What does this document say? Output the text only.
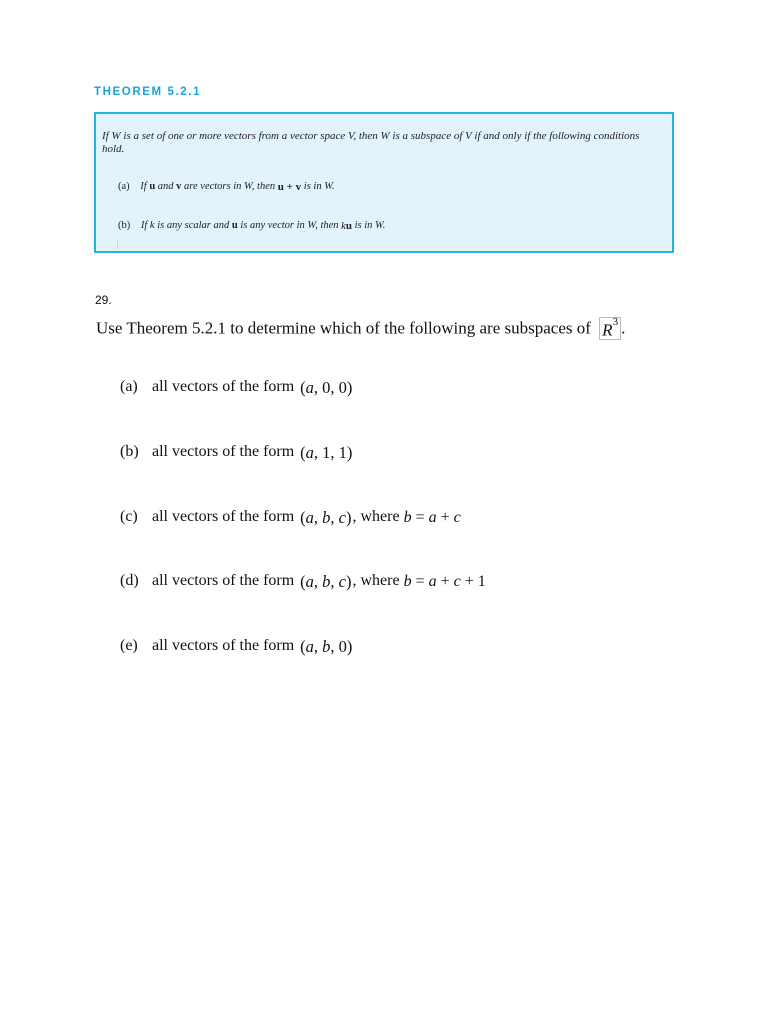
THEOREM 5.2.1
If W is a set of one or more vectors from a vector space V, then W is a subspace of V if and only if the following conditions hold.
(a) If u and v are vectors in W, then u + v is in W.
(b) If k is any scalar and u is any vector in W, then ku is in W.
29.
Use Theorem 5.2.1 to determine which of the following are subspaces of $R^3$ .
(a) all vectors of the form (a, 0, 0)
(b) all vectors of the form (a, 1, 1)
(c) all vectors of the form (a, b, c), where b = a + c
(d) all vectors of the form (a, b, c), where b = a + c + 1
(e) all vectors of the form (a, b, 0)
